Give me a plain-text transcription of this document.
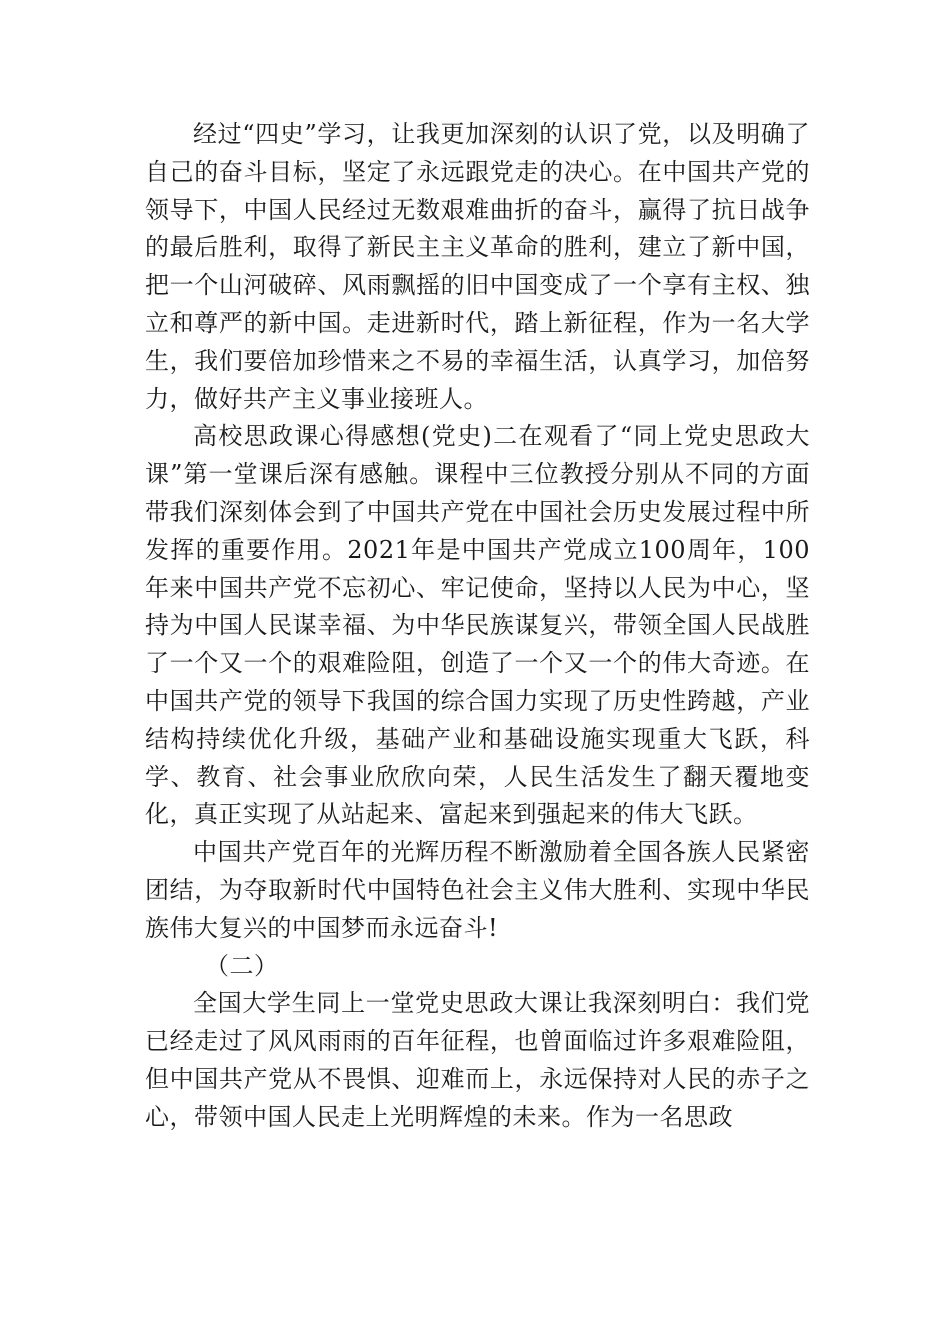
经过“四史”学习，让我更加深刻的认识了党，以及明确了自己的奋斗目标，坚定了永远跟党走的决心。在中国共产党的领导下，中国人民经过无数艰难曲折的奋斗，赢得了抗日战争的最后胜利，取得了新民主主义革命的胜利，建立了新中国，把一个山河破碎、风雨飘摇的旧中国变成了一个享有主权、独立和尊严的新中国。走进新时代，踏上新征程，作为一名大学生，我们要倍加珍惜来之不易的幸福生活，认真学习，加倍努力，做好共产主义事业接班人。

高校思政课心得感想(党史)二在观看了“同上党史思政大课”第一堂课后深有感触。课程中三位教授分别从不同的方面带我们深刻体会到了中国共产党在中国社会历史发展过程中所发挥的重要作用。2021年是中国共产党成立100周年，100年来中国共产党不忘初心、牢记使命，坚持以人民为中心，坚持为中国人民谋幸福、为中华民族谋复兴，带领全国人民战胜了一个又一个的艰难险阻，创造了一个又一个的伟大奇迹。在中国共产党的领导下我国的综合国力实现了历史性跨越，产业结构持续优化升级，基础产业和基础设施实现重大飞跃，科学、教育、社会事业欣欣向荣，人民生活发生了翻天覆地变化，真正实现了从站起来、富起来到强起来的伟大飞跃。

中国共产党百年的光辉历程不断激励着全国各族人民紧密团结，为夺取新时代中国特色社会主义伟大胜利、实现中华民族伟大复兴的中国梦而永远奋斗!

（二）

全国大学生同上一堂党史思政大课让我深刻明白：我们党已经走过了风风雨雨的百年征程，也曾面临过许多艰难险阻，但中国共产党从不畏惧、迎难而上，永远保持对人民的赤子之心，带领中国人民走上光明辉煌的未来。作为一名思政
